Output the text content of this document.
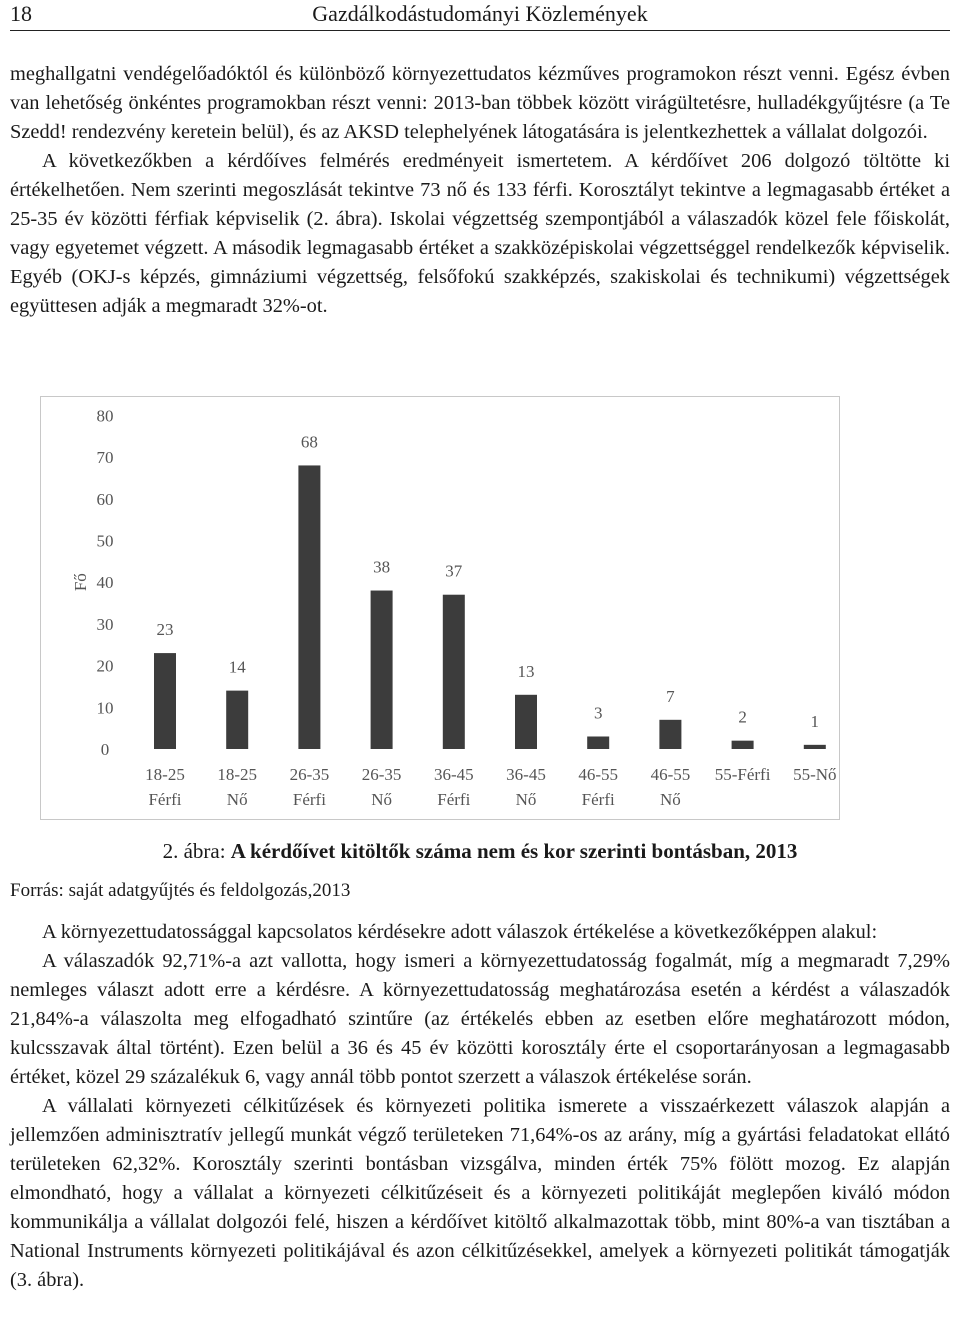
18	Gazdálkodástudományi Közlemények

meghallgatni vendégelőadóktól és különböző környezettudatos kézműves programokon részt venni. Egész évben van lehetőség önkéntes programokban részt venni: 2013-ban többek között virágültetésre, hulladékgyűjtésre (a Te Szedd! rendezvény keretein belül), és az AKSD telephelyének látogatására is jelentkezhettek a vállalat dolgozói.

A következőkben a kérdőíves felmérés eredményeit ismertetem. A kérdőívet 206 dolgozó töltötte ki értékelhetően. Nem szerinti megoszlását tekintve 73 nő és 133 férfi. Korosztályt tekintve a legmagasabb értéket a 25-35 év közötti férfiak képviselik (2. ábra). Iskolai végzettség szempontjából a válaszadók közel fele főiskolát, vagy egyetemet végzett. A második legmagasabb értéket a szakközépiskolai végzettséggel rendelkezők képviselik. Egyéb (OKJ-s képzés, gimnáziumi végzettség, felsőfokú szakképzés, szakiskolai és technikumi) végzettségek együttesen adják a megmaradt 32%-ot.

0
10
20
30
40
50
60
70
80
23
14
68
38	37
13
3
7
2	1
18-25
Férfi
18-25
Nő
26-35
Férfi
26-35
Nő
36-45
Férfi
36-45
Nő
46-55
Férfi
46-55
Nő
55-Férfi 55-Nő
Fő
2. ábra: A kérdőívet kitöltők száma nem és kor szerinti bontásban, 2013
Forrás: saját adatgyűjtés és feldolgozás,2013

A környezettudatossággal kapcsolatos kérdésekre adott válaszok értékelése a következőképpen alakul:

A válaszadók 92,71%-a azt vallotta, hogy ismeri a környezettudatosság fogalmát, míg a megmaradt 7,29% nemleges választ adott erre a kérdésre. A környezettudatosság meghatározása esetén a kérdést a válaszadók 21,84%-a válaszolta meg elfogadható szintűre (az értékelés ebben az esetben előre meghatározott módon, kulcsszavak által történt). Ezen belül a 36 és 45 év közötti korosztály érte el csoportarányosan a legmagasabb értéket, közel 29 százalékuk 6, vagy annál több pontot szerzett a válaszok értékelése során.

A vállalati környezeti célkitűzések és környezeti politika ismerete a visszaérkezett válaszok alapján a jellemzően adminisztratív jellegű munkát végző területeken 71,64%-os az arány, míg a gyártási feladatokat ellátó területeken 62,32%. Korosztály szerinti bontásban vizsgálva, minden érték 75% fölött mozog. Ez alapján elmondható, hogy a vállalat a környezeti célkitűzéseit és a környezeti politikáját meglepően kiváló módon kommunikálja a vállalat dolgozói felé, hiszen a kérdőívet kitöltő alkalmazottak több, mint 80%-a van tisztában a National Instruments környezeti politikájával és azon célkitűzésekkel, amelyek a környezeti politikát támogatják (3. ábra).
